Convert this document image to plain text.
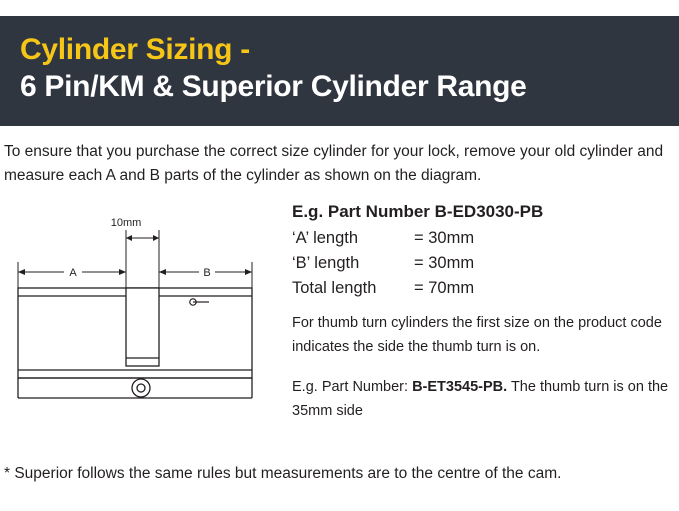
Cylinder Sizing -
6 Pin/KM & Superior Cylinder Range
To ensure that you purchase the correct size cylinder for your lock, remove your old cylinder and measure each A and B parts of the cylinder as shown on the diagram.
10mm
A	B
E.g. Part Number B-ED3030-PB
‘A’ length	= 30mm
‘B’ length	= 30mm
Total length	= 70mm
For thumb turn cylinders the first size on the product code indicates the side the thumb turn is on.
E.g. Part Number: B-ET3545-PB. The thumb turn is on the 35mm side
* Superior follows the same rules but measurements are to the centre of the cam.
